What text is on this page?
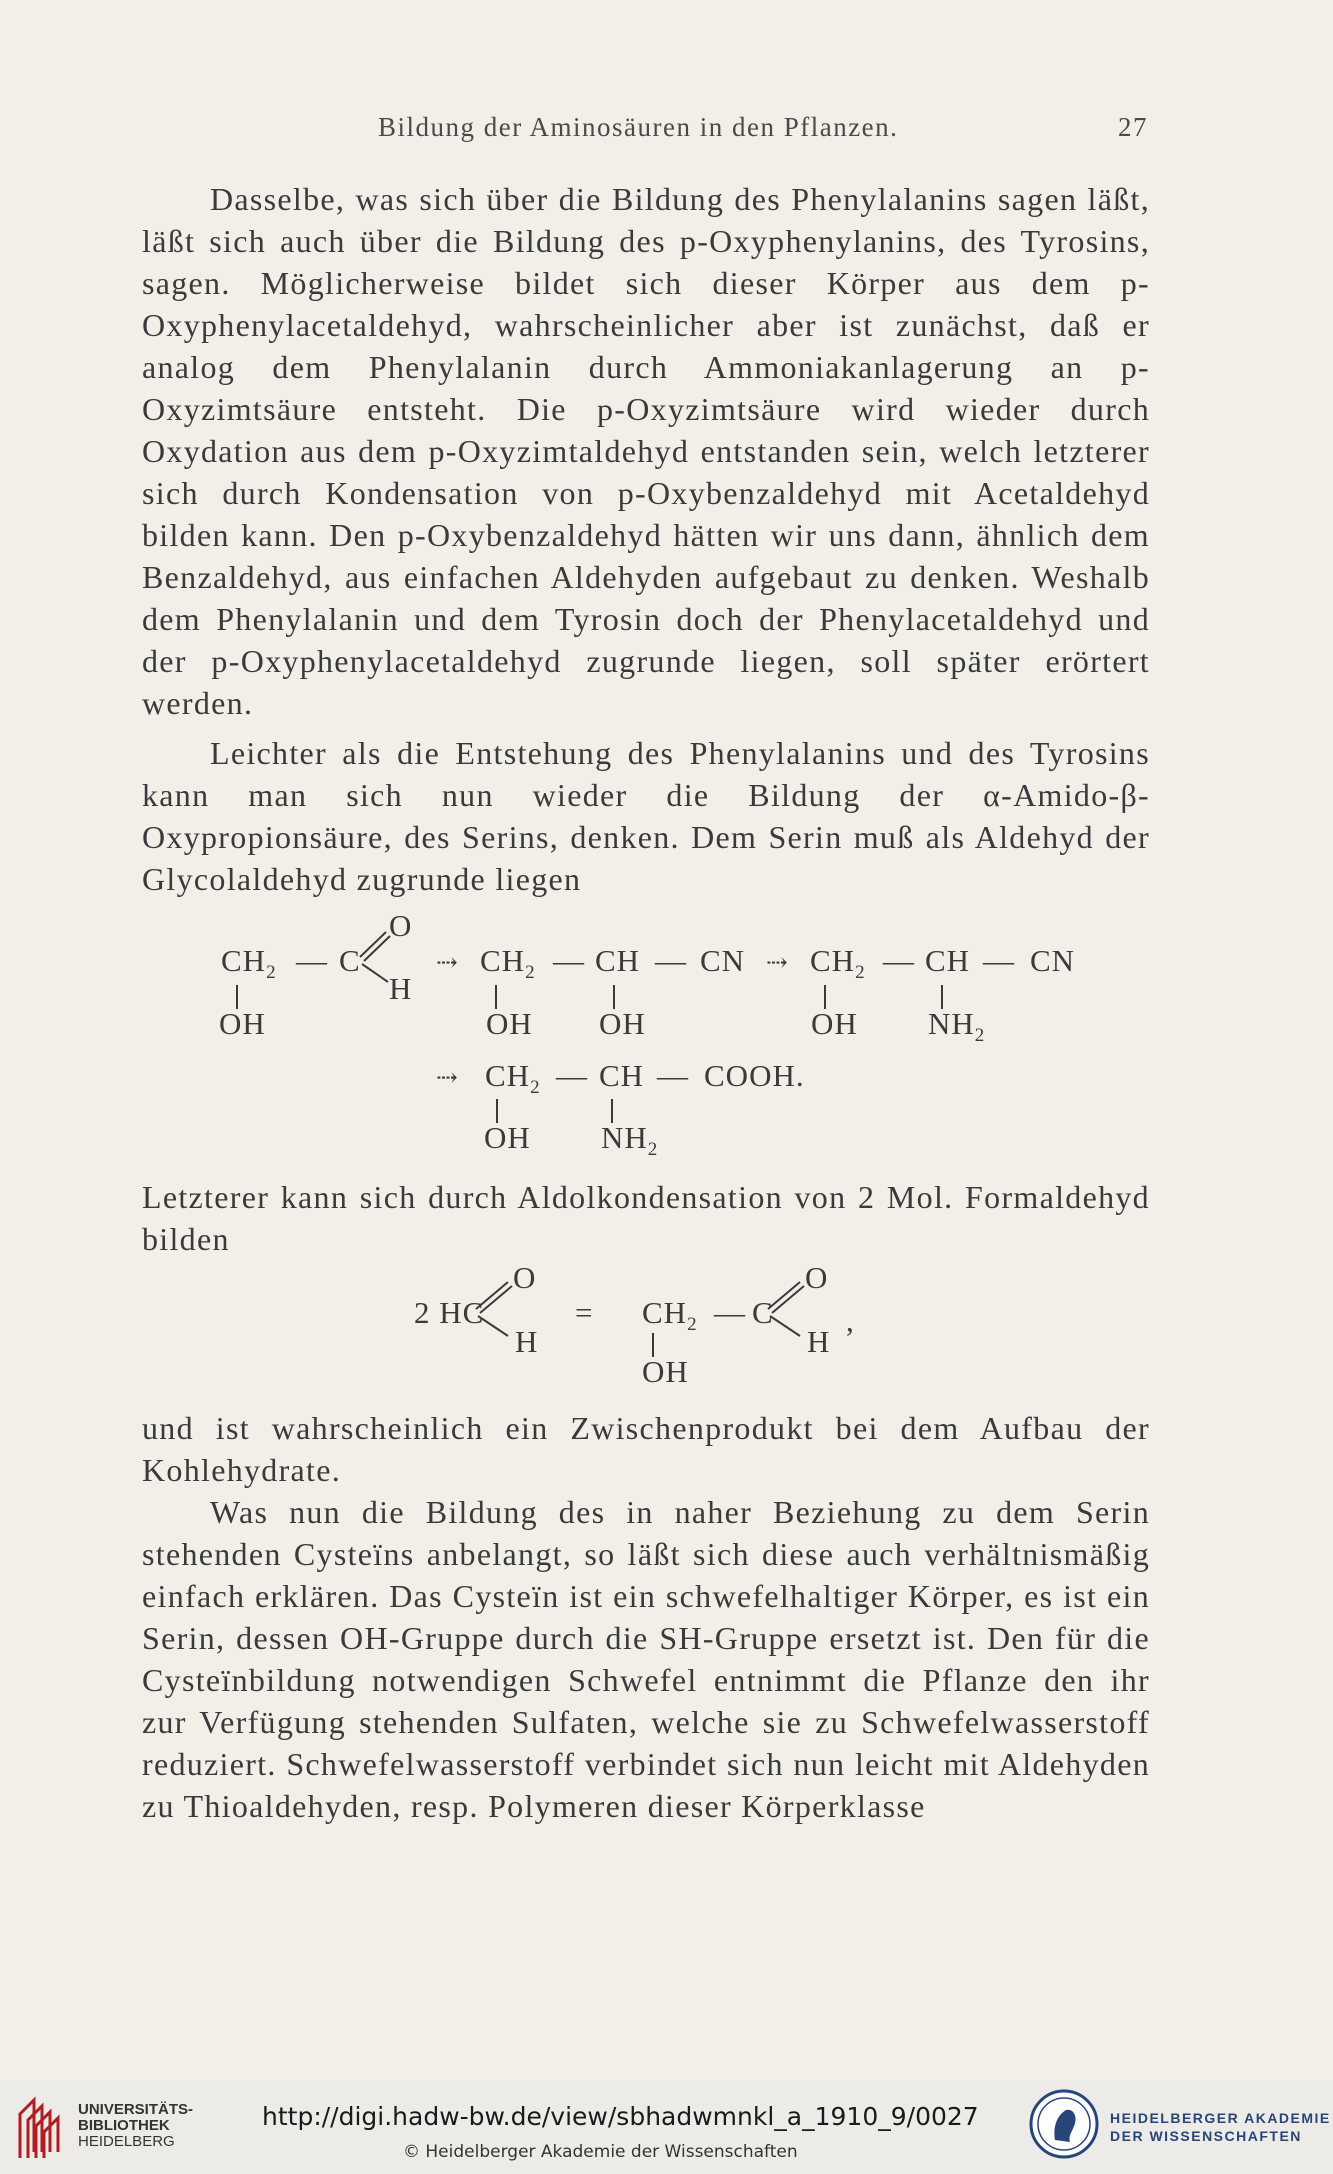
Bildung der Aminosäuren in den Pflanzen.	27

Dasselbe, was sich über die Bildung des Phenylalanins sagen läßt, läßt sich auch über die Bildung des p-Oxyphenylanins, des Tyrosins, sagen. Möglicherweise bildet sich dieser Körper aus dem p-Oxyphenylacetaldehyd, wahrscheinlicher aber ist zunächst, daß er analog dem Phenylalanin durch Ammoniakanlagerung an p-Oxyzimtsäure entsteht. Die p-Oxyzimtsäure wird wieder durch Oxydation aus dem p-Oxyzimtaldehyd entstanden sein, welch letzterer sich durch Kondensation von p-Oxybenzaldehyd mit Acetaldehyd bilden kann. Den p-Oxybenzaldehyd hätten wir uns dann, ähnlich dem Benzaldehyd, aus einfachen Aldehyden aufgebaut zu denken. Weshalb dem Phenylalanin und dem Tyrosin doch der Phenylacetaldehyd und der p-Oxyphenylacetaldehyd zugrunde liegen, soll später erörtert werden.

Leichter als die Entstehung des Phenylalanins und des Tyrosins kann man sich nun wieder die Bildung der α-Amido-β-Oxypropionsäure, des Serins, denken. Dem Serin muß als Aldehyd der Glycolaldehyd zugrunde liegen

$CH_2$ — C
O
H
OH
⇢ $CH_2$ — CH — CN
OH OH
⇢ $CH_2$ — CH — CN
OH $NH_2$
⇢ $CH_2$ — CH — COOH.
OH $NH_2$

Letzterer kann sich durch Aldolkondensation von 2 Mol. Formaldehyd bilden

2 HC
O
H
= $CH_2$ — C
O
H
,
OH

und ist wahrscheinlich ein Zwischenprodukt bei dem Aufbau der Kohlehydrate.

Was nun die Bildung des in naher Beziehung zu dem Serin stehenden Cysteïns anbelangt, so läßt sich diese auch verhältnismäßig einfach erklären. Das Cysteïn ist ein schwefelhaltiger Körper, es ist ein Serin, dessen OH-Gruppe durch die SH-Gruppe ersetzt ist. Den für die Cysteïnbildung notwendigen Schwefel entnimmt die Pflanze den ihr zur Verfügung stehenden Sulfaten, welche sie zu Schwefelwasserstoff reduziert. Schwefelwasserstoff verbindet sich nun leicht mit Aldehyden zu Thioaldehyden, resp. Polymeren dieser Körperklasse

UNIVERSITÄTS-
BIBLIOTHEK
HEIDELBERG
http://digi.hadw-bw.de/view/sbhadwmnkl_a_1910_9/0027
© Heidelberger Akademie der Wissenschaften
HEIDELBERGER AKADEMIE
DER WISSENSCHAFTEN
